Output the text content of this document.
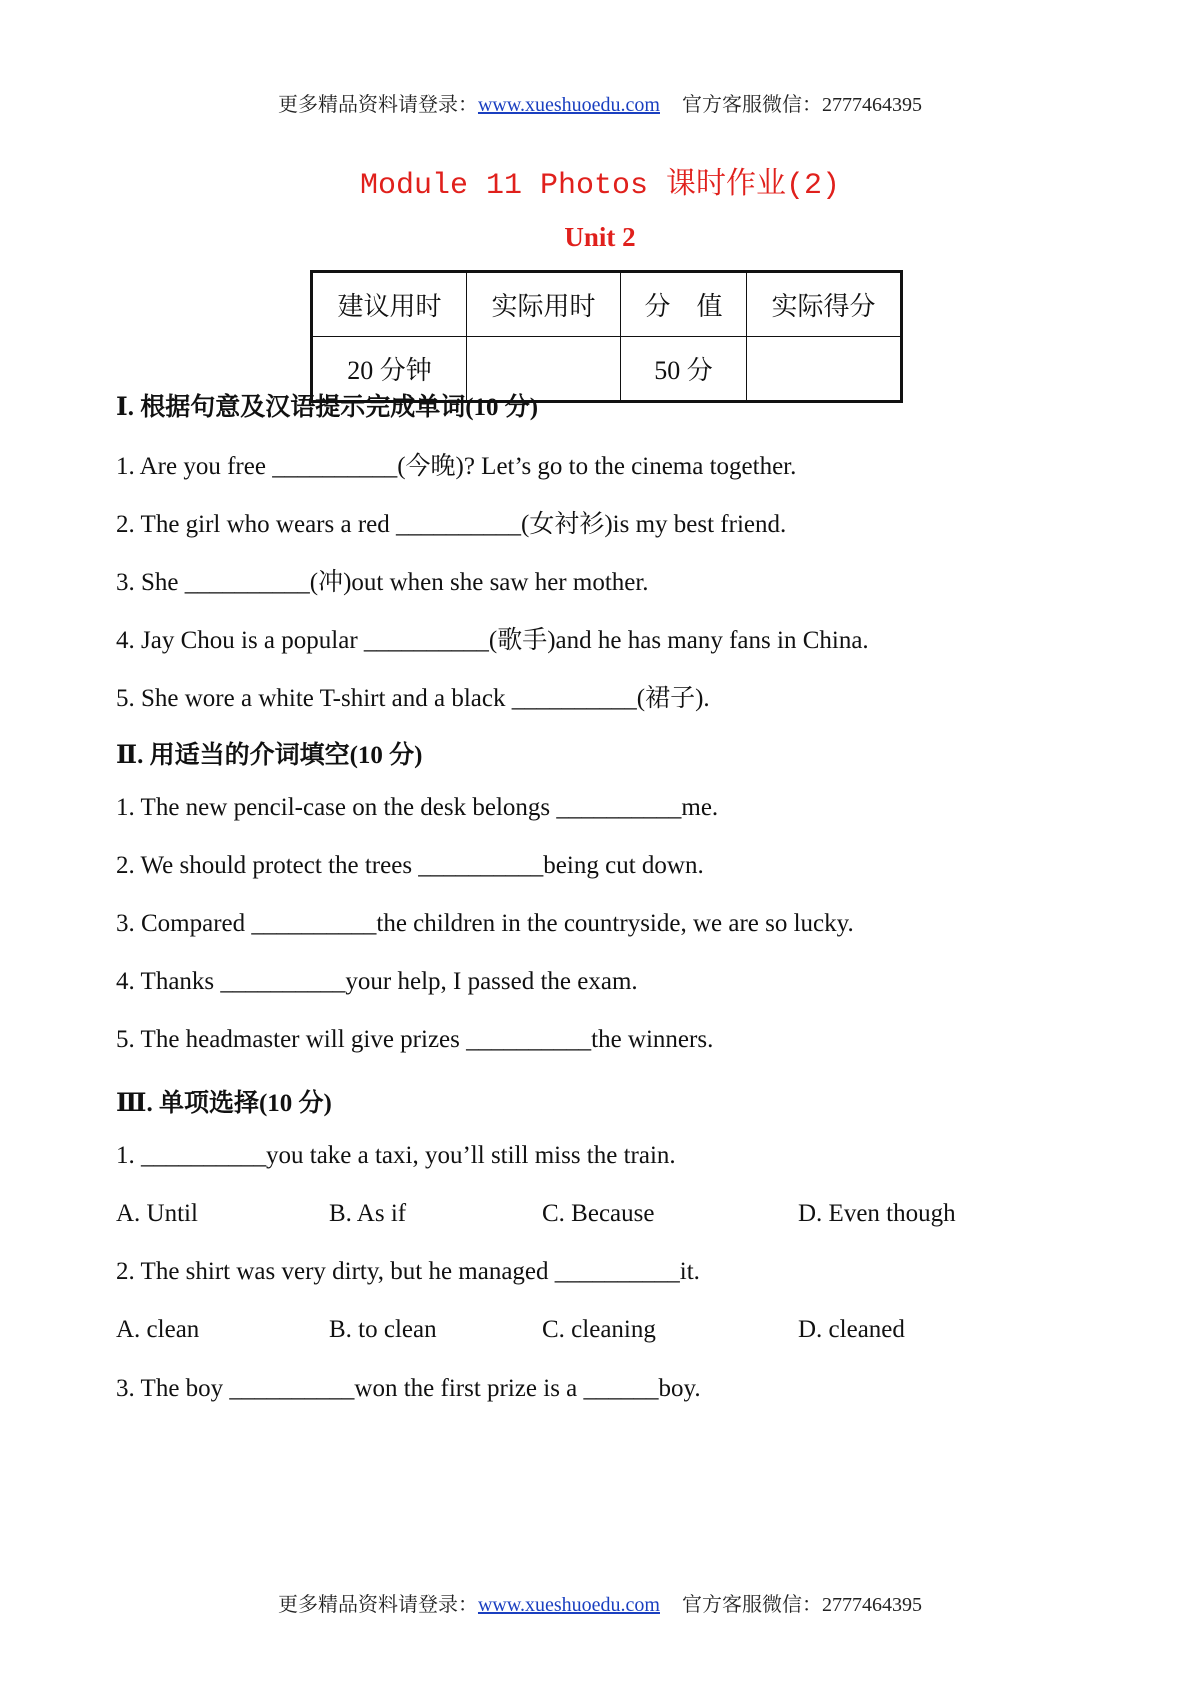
更多精品资料请登录：www.xueshuoedu.com 官方客服微信：2777464395
Module 11 Photos 课时作业(2)
Unit 2
建议用时	实际用时	分　值	实际得分
20 分钟		50 分	
Ⅰ. 根据句意及汉语提示完成单词(10 分)
1. Are you free __________(今晚)? Let’s go to the cinema together.
2. The girl who wears a red __________(女衬衫)is my best friend.
3. She __________(冲)out when she saw her mother.
4. Jay Chou is a popular __________(歌手)and he has many fans in China.
5. She wore a white T-shirt and a black __________(裙子).
Ⅱ. 用适当的介词填空(10 分)
1. The new pencil-case on the desk belongs __________me.
2. We should protect the trees __________being cut down.
3. Compared __________the children in the countryside, we are so lucky.
4. Thanks __________your help, I passed the exam.
5. The headmaster will give prizes __________the winners.
Ⅲ. 单项选择(10 分)
1. __________you take a taxi, you’ll still miss the train.
A. Until	B. As if	C. Because	D. Even though
2. The shirt was very dirty, but he managed __________it.
A. clean	B. to clean	C. cleaning	D. cleaned
3. The boy __________won the first prize is a ______boy.
更多精品资料请登录：www.xueshuoedu.com 官方客服微信：2777464395
